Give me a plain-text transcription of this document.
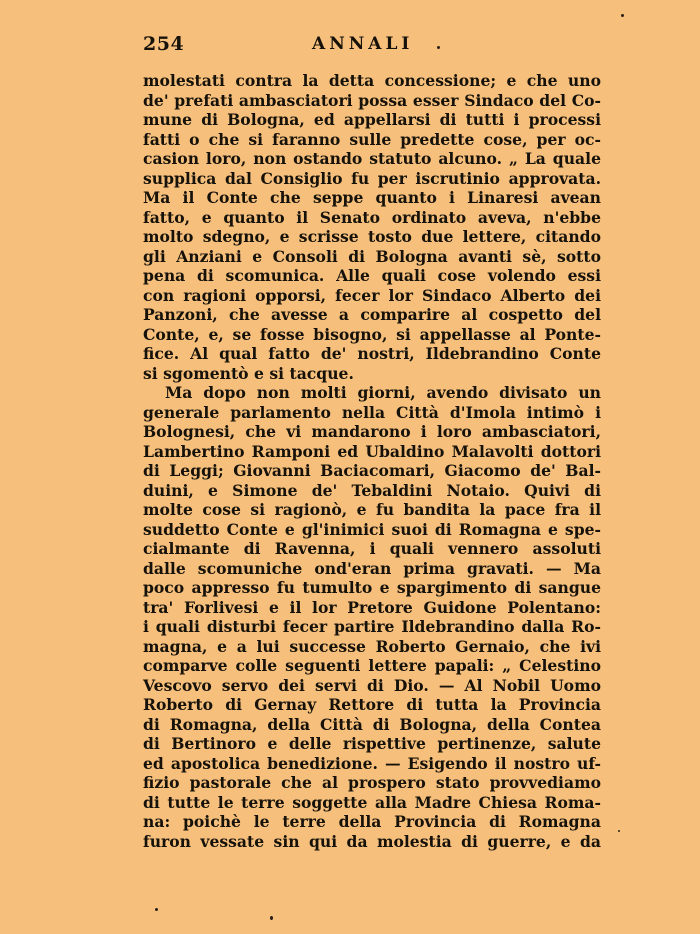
254	ANNALI
molestati contra la detta concessione; e che uno
de' prefati ambasciatori possa esser Sindaco del Co-
mune di Bologna, ed appellarsi di tutti i processi
fatti o che si faranno sulle predette cose, per oc-
casion loro, non ostando statuto alcuno. „ La quale
supplica dal Consiglio fu per iscrutinio approvata.
Ma il Conte che seppe quanto i Linaresi avean
fatto, e quanto il Senato ordinato aveva, n'ebbe
molto sdegno, e scrisse tosto due lettere, citando
gli Anziani e Consoli di Bologna avanti sè, sotto
pena di scomunica. Alle quali cose volendo essi
con ragioni opporsi, fecer lor Sindaco Alberto dei
Panzoni, che avesse a comparire al cospetto del
Conte, e, se fosse bisogno, si appellasse al Ponte-
fice. Al qual fatto de' nostri, Ildebrandino Conte
si sgomentò e si tacque.
Ma dopo non molti giorni, avendo divisato un
generale parlamento nella Città d'Imola intimò i
Bolognesi, che vi mandarono i loro ambasciatori,
Lambertino Ramponi ed Ubaldino Malavolti dottori
di Leggi; Giovanni Baciacomari, Giacomo de' Bal-
duini, e Simone de' Tebaldini Notaio. Quivi di
molte cose si ragionò, e fu bandita la pace fra il
suddetto Conte e gl'inimici suoi di Romagna e spe-
cialmante di Ravenna, i quali vennero assoluti
dalle scomuniche ond'eran prima gravati. — Ma
poco appresso fu tumulto e spargimento di sangue
tra' Forlivesi e il lor Pretore Guidone Polentano:
i quali disturbi fecer partire Ildebrandino dalla Ro-
magna, e a lui successe Roberto Gernaio, che ivi
comparve colle seguenti lettere papali: „ Celestino
Vescovo servo dei servi di Dio. — Al Nobil Uomo
Roberto di Gernay Rettore di tutta la Provincia
di Romagna, della Città di Bologna, della Contea
di Bertinoro e delle rispettive pertinenze, salute
ed apostolica benedizione. — Esigendo il nostro uf-
fizio pastorale che al prospero stato provvediamo
di tutte le terre soggette alla Madre Chiesa Roma-
na: poichè le terre della Provincia di Romagna
furon vessate sin qui da molestia di guerre, e da
